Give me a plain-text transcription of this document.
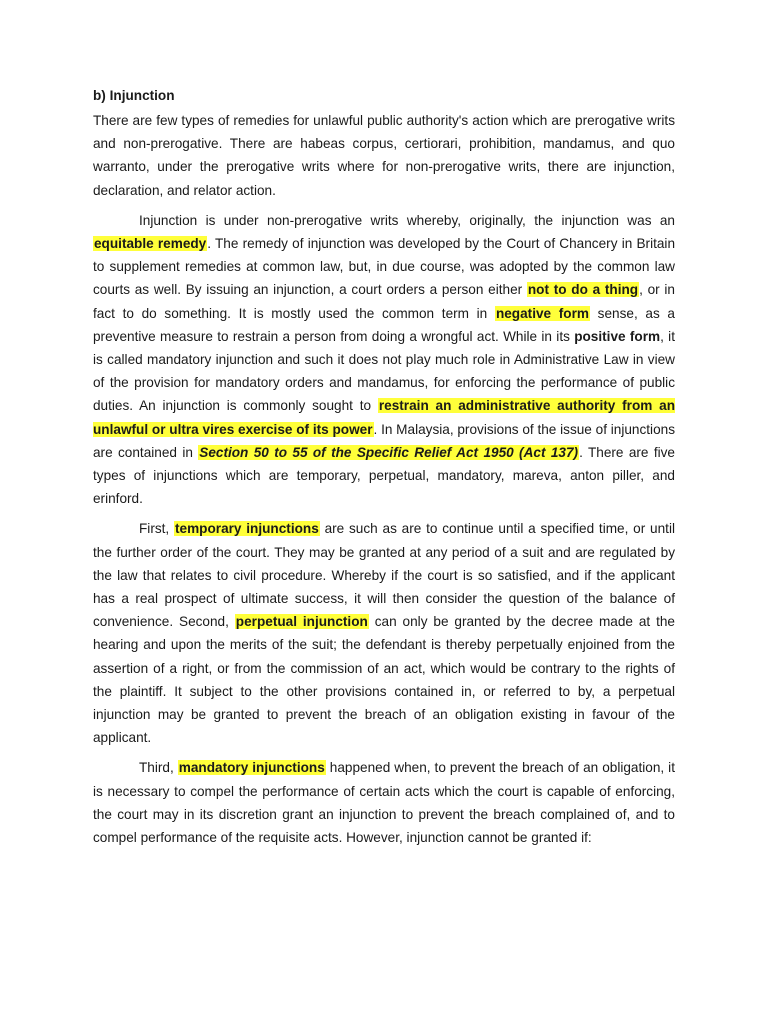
b) Injunction

There are few types of remedies for unlawful public authority's action which are prerogative writs and non-prerogative. There are habeas corpus, certiorari, prohibition, mandamus, and quo warranto, under the prerogative writs where for non-prerogative writs, there are injunction, declaration, and relator action.

Injunction is under non-prerogative writs whereby, originally, the injunction was an equitable remedy. The remedy of injunction was developed by the Court of Chancery in Britain to supplement remedies at common law, but, in due course, was adopted by the common law courts as well. By issuing an injunction, a court orders a person either not to do a thing, or in fact to do something. It is mostly used the common term in negative form sense, as a preventive measure to restrain a person from doing a wrongful act. While in its positive form, it is called mandatory injunction and such it does not play much role in Administrative Law in view of the provision for mandatory orders and mandamus, for enforcing the performance of public duties. An injunction is commonly sought to restrain an administrative authority from an unlawful or ultra vires exercise of its power. In Malaysia, provisions of the issue of injunctions are contained in Section 50 to 55 of the Specific Relief Act 1950 (Act 137). There are five types of injunctions which are temporary, perpetual, mandatory, mareva, anton piller, and erinford.

First, temporary injunctions are such as are to continue until a specified time, or until the further order of the court. They may be granted at any period of a suit and are regulated by the law that relates to civil procedure. Whereby if the court is so satisfied, and if the applicant has a real prospect of ultimate success, it will then consider the question of the balance of convenience. Second, perpetual injunction can only be granted by the decree made at the hearing and upon the merits of the suit; the defendant is thereby perpetually enjoined from the assertion of a right, or from the commission of an act, which would be contrary to the rights of the plaintiff. It subject to the other provisions contained in, or referred to by, a perpetual injunction may be granted to prevent the breach of an obligation existing in favour of the applicant.

Third, mandatory injunctions happened when, to prevent the breach of an obligation, it is necessary to compel the performance of certain acts which the court is capable of enforcing, the court may in its discretion grant an injunction to prevent the breach complained of, and to compel performance of the requisite acts. However, injunction cannot be granted if:
